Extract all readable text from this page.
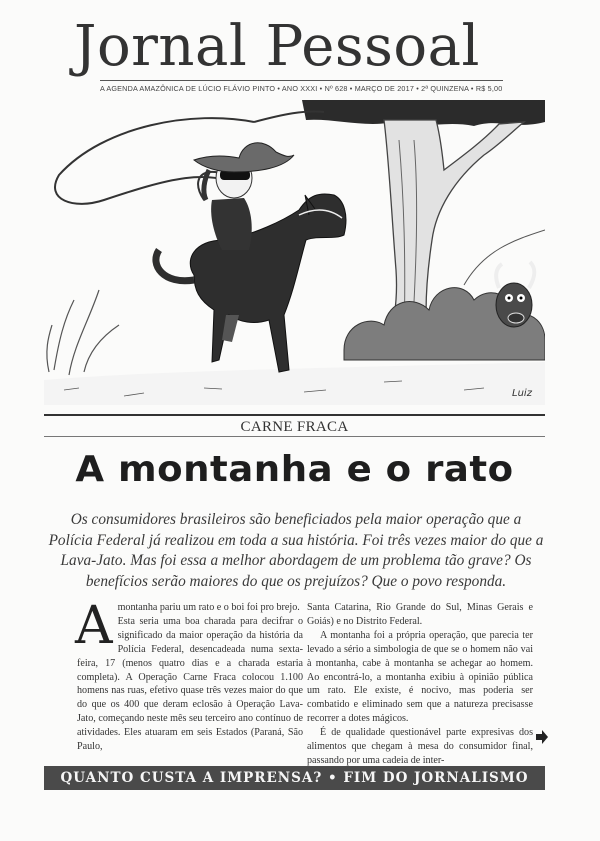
Jornal Pessoal
A AGENDA AMAZÔNICA DE LÚCIO FLÁVIO PINTO • ANO XXXI • Nº 628 • MARÇO DE 2017 • 2ª QUINZENA • R$ 5,00
Luiz
CARNE FRACA
A montanha e o rato
Os consumidores brasileiros são beneficiados pela maior operação que a Polícia Federal já realizou em toda a sua história. Foi três vezes maior do que a Lava-Jato. Mas foi essa a melhor abordagem de um problema tão grave? Os benefícios serão maiores do que os prejuízos? Que o povo responda.

Amontanha pariu um rato e o boi foi pro brejo.

Esta seria uma boa charada para decifrar o significado da maior operação da história da Polícia Federal, desencadeada numa sexta-feira, 17 (menos quatro dias e a charada estaria completa). A Operação Carne Fraca colocou 1.100 homens nas ruas, efetivo quase três vezes maior do que do que os 400 que deram eclosão à Operação Lava-Jato, começando neste mês seu terceiro ano contínuo de atividades. Eles atuaram em seis Estados (Paraná, São Paulo,

Santa Catarina, Rio Grande do Sul, Minas Gerais e Goiás) e no Distrito Federal.

A montanha foi a própria operação, que parecia ter levado a sério a simbologia de que se o homem não vai à montanha, cabe à montanha se achegar ao homem. Ao encontrá-lo, a montanha exibiu à opinião pública um rato. Ele existe, é nocivo, mas poderia ser combatido e eliminado sem que a natureza precisasse recorrer a dotes mágicos.

É de qualidade questionável parte expresivas dos alimentos que chegam à mesa do consumidor final, passando por uma cadeia de inter-

QUANTO CUSTA A IMPRENSA? • FIM DO JORNALISMO
